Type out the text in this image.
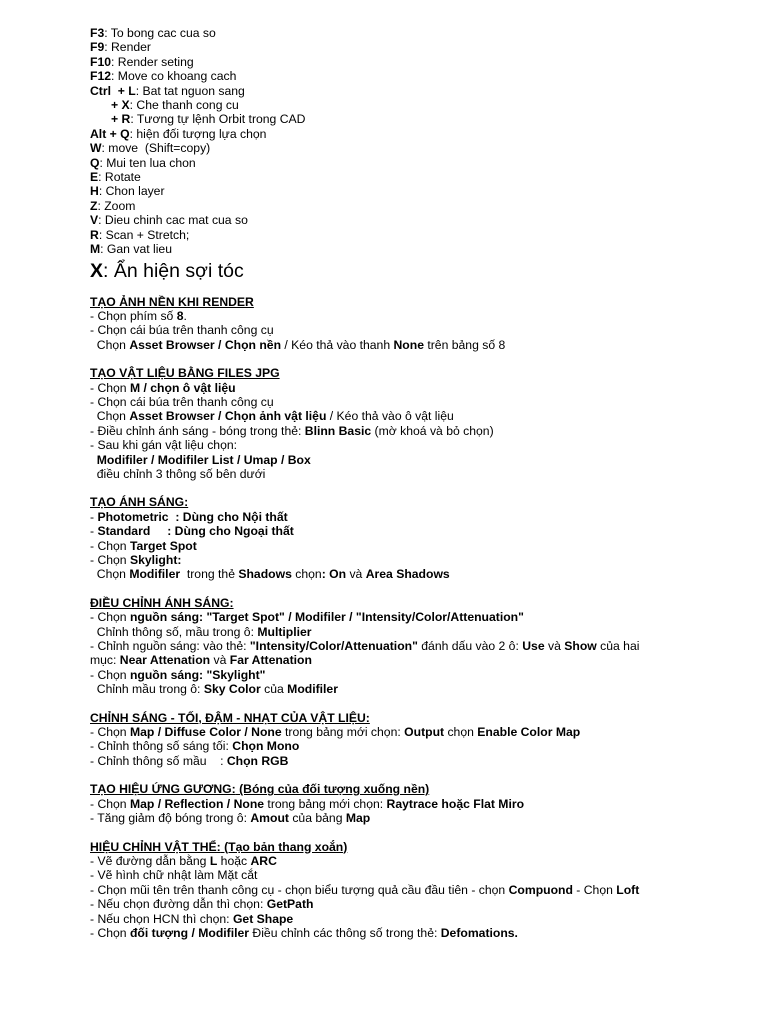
F3: To bong cac cua so
F9: Render
F10: Render seting
F12: Move co khoang cach
Ctrl  + L: Bat tat nguon sang
+ X: Che thanh cong cu
+ R: Tương tự lệnh Orbit trong CAD
Alt + Q: hiện đối tượng lựa chọn
W: move  (Shift=copy)
Q: Mui ten lua chon
E: Rotate
H: Chon layer
Z: Zoom
V: Dieu chinh cac mat cua so
R: Scan + Stretch;
M: Gan vat lieu
X: Ẩn hiện sợi tóc
TẠO ẢNH NỀN KHI RENDER
- Chọn phím số 8.
- Chọn cái búa trên thanh công cụ
Chọn Asset Browser / Chọn nền / Kéo thả vào thanh None trên bảng số 8
TẠO VẬT LIỆU BẰNG FILES JPG
- Chọn M / chọn ô vật liệu
- Chọn cái búa trên thanh công cụ
Chọn Asset Browser / Chọn ảnh vật liệu / Kéo thả vào ô vật liệu
- Điều chỉnh ánh sáng - bóng trong thẻ: Blinn Basic (mờ khoá và bỏ chọn)
- Sau khi gán vật liệu chọn:
Modifiler / Modifiler List / Umap / Box
điều chỉnh 3 thông số bên dưới
TẠO ÁNH SÁNG:
- Photometric  : Dùng cho Nội thất
- Standard     : Dùng cho Ngoại thất
- Chọn Target Spot
- Chọn Skylight:
Chọn Modifiler  trong thẻ Shadows chọn: On và Area Shadows
ĐIỀU CHỈNH ÁNH SÁNG:
- Chọn nguồn sáng: "Target Spot" / Modifiler / "Intensity/Color/Attenuation"
Chỉnh thông số, mầu trong ô: Multiplier
- Chỉnh nguồn sáng: vào thẻ: "Intensity/Color/Attenuation" đánh dấu vào 2 ô: Use và Show của hai
mục: Near Attenation và Far Attenation
- Chọn nguồn sáng: "Skylight"
Chỉnh mầu trong ô: Sky Color của Modifiler
CHỈNH SÁNG - TỐI, ĐẬM - NHẠT CỦA VẬT LIỆU:
- Chọn Map / Diffuse Color / None trong bảng mới chọn: Output chọn Enable Color Map
- Chỉnh thông số sáng tối: Chọn Mono
- Chỉnh thông số mầu    : Chọn RGB
TẠO HIỆU ỨNG GƯƠNG: (Bóng của đối tượng xuống nền)
- Chọn Map / Reflection / None trong bảng mới chọn: Raytrace hoặc Flat Miro
- Tăng giảm độ bóng trong ô: Amout của bảng Map
HIỆU CHỈNH VẬT THỂ: (Tạo bản thang xoắn)
- Vẽ đường dẫn bằng L hoặc ARC
- Vẽ hình chữ nhật làm Mặt cắt
- Chọn mũi tên trên thanh công cụ - chọn biểu tượng quả cầu đầu tiên - chọn Compuond - Chọn Loft
- Nếu chọn đường dẫn thì chọn: GetPath
- Nếu chọn HCN thì chọn: Get Shape
- Chọn đối tượng / Modifiler Điều chỉnh các thông số trong thẻ: Defomations.
